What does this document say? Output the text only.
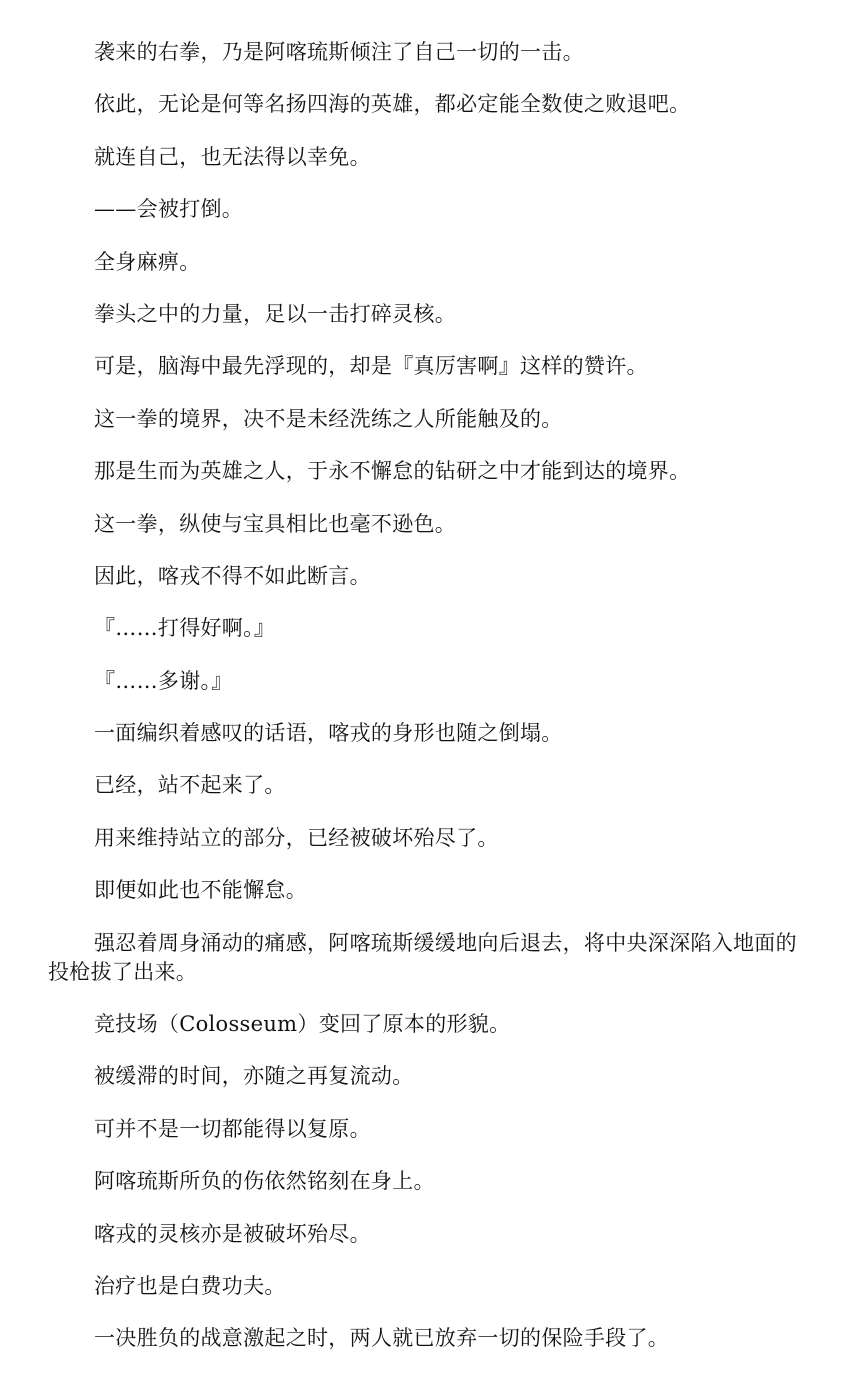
袭来的右拳，乃是阿喀琉斯倾注了自己一切的一击。

依此，无论是何等名扬四海的英雄，都必定能全数使之败退吧。

就连自己，也无法得以幸免。

——会被打倒。

全身麻痹。

拳头之中的力量，足以一击打碎灵核。

可是，脑海中最先浮现的，却是『真厉害啊』这样的赞许。

这一拳的境界，决不是未经洗练之人所能触及的。

那是生而为英雄之人，于永不懈怠的钻研之中才能到达的境界。

这一拳，纵使与宝具相比也毫不逊色。

因此，喀戎不得不如此断言。

『……打得好啊。』

『……多谢。』

一面编织着感叹的话语，喀戎的身形也随之倒塌。

已经，站不起来了。

用来维持站立的部分，已经被破坏殆尽了。

即便如此也不能懈怠。

强忍着周身涌动的痛感，阿喀琉斯缓缓地向后退去，将中央深深陷入地面的投枪拔了出来。

竞技场（Colosseum）变回了原本的形貌。

被缓滞的时间，亦随之再复流动。

可并不是一切都能得以复原。

阿喀琉斯所负的伤依然铭刻在身上。

喀戎的灵核亦是被破坏殆尽。

治疗也是白费功夫。

一决胜负的战意激起之时，两人就已放弃一切的保险手段了。
